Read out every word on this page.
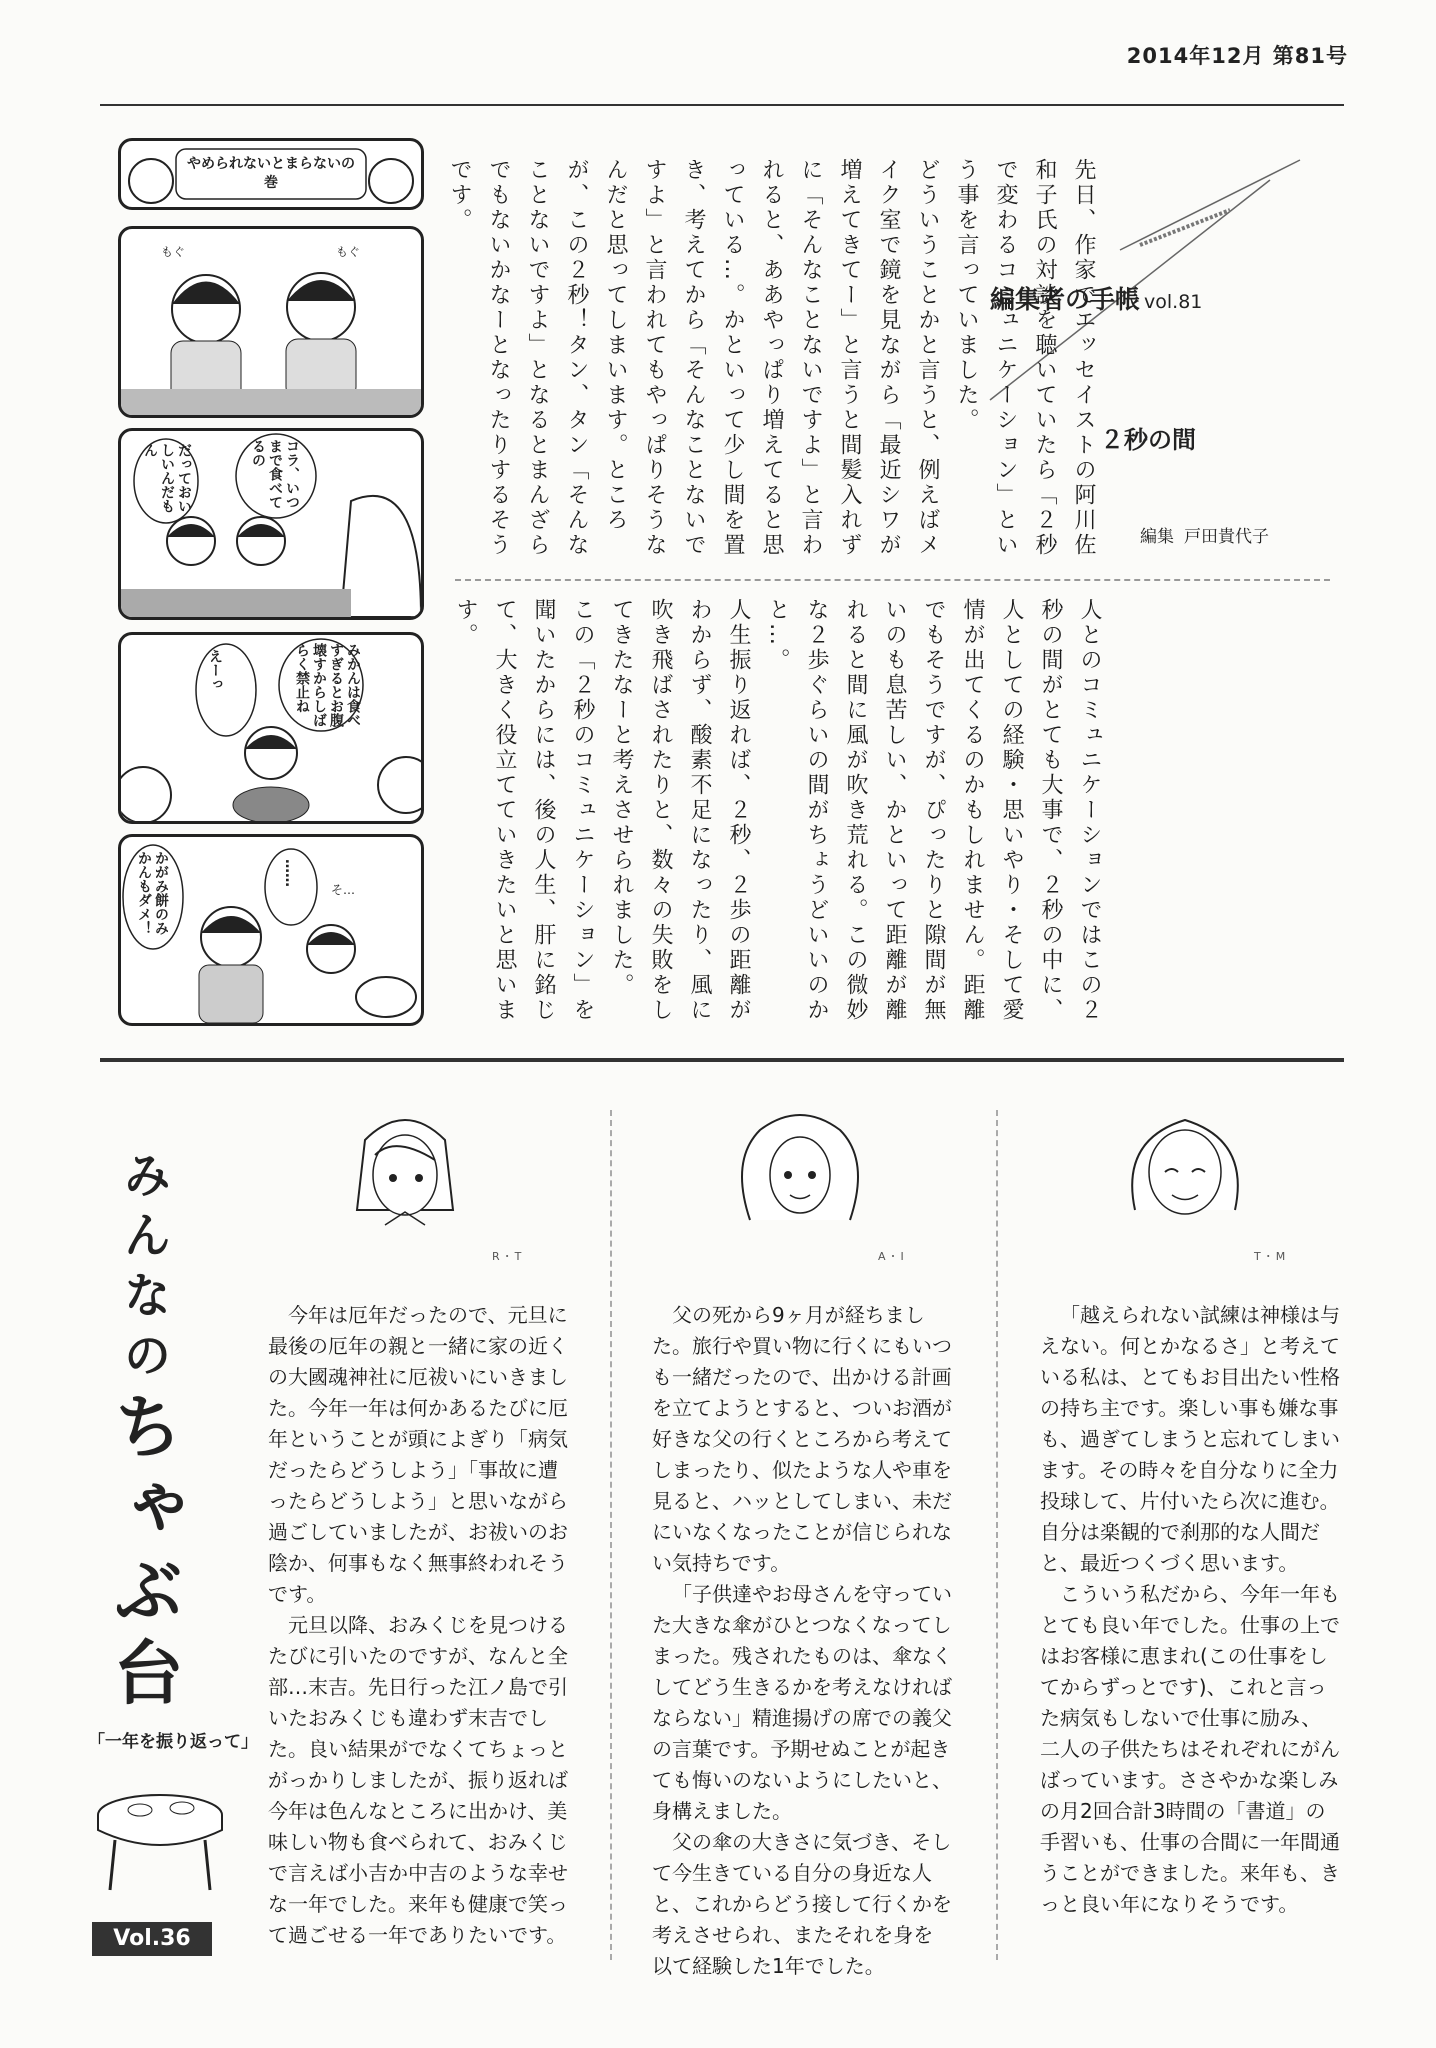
2014年12月 第81号
編集者の手帳 vol.81
２秒の間
編集 戸田貴代子

先日、作家でエッセイストの阿川佐和子氏の対談を聴いていたら「２秒で変わるコミュニケーション」という事を言っていました。

どういうことかと言うと、例えばメイク室で鏡を見ながら「最近シワが増えてきてー」と言うと間髪入れずに「そんなことないですよ」と言われると、ああやっぱり増えてると思っている…。かといって少し間を置き、考えてから「そんなことないですよ」と言われてもやっぱりそうなんだと思ってしまいます。ところが、この２秒！タン、タン「そんなことないですよ」となるとまんざらでもないかなーとなったりするそうです。

人とのコミュニケーションではこの２秒の間がとても大事で、２秒の中に、人としての経験・思いやり・そして愛情が出てくるのかもしれません。距離でもそうですが、ぴったりと隙間が無いのも息苦しい、かといって距離が離れると間に風が吹き荒れる。この微妙な２歩ぐらいの間がちょうどいいのかと…。

人生振り返れば、２秒、２歩の距離がわからず、酸素不足になったり、風に吹き飛ばされたりと、数々の失敗をしてきたなーと考えさせられました。

この「２秒のコミュニケーション」を聞いたからには、後の人生、肝に銘じて、大きく役立てていきたいと思います。

やめられないとまらないの巻
もぐ	もぐ
だっておいしいんだもん	コラ、いつまで食べてるの
えーっ	みかんは食べすぎるとお腹壊すからしばらく禁止ね
かがみ餅のみかんもダメ！	……
そ…
みんなのちゃぶ台
「一年を振り返って」
Vol.36
R・T	A・I	T・M

今年は厄年だったので、元旦に最後の厄年の親と一緒に家の近くの大國魂神社に厄祓いにいきました。今年一年は何かあるたびに厄年ということが頭によぎり「病気だったらどうしよう」「事故に遭ったらどうしよう」と思いながら過ごしていましたが、お祓いのお陰か、何事もなく無事終われそうです。

元旦以降、おみくじを見つけるたびに引いたのですが、なんと全部…末吉。先日行った江ノ島で引いたおみくじも違わず末吉でした。良い結果がでなくてちょっとがっかりしましたが、振り返れば今年は色んなところに出かけ、美味しい物も食べられて、おみくじで言えば小吉か中吉のような幸せな一年でした。来年も健康で笑って過ごせる一年でありたいです。

父の死から9ヶ月が経ちました。旅行や買い物に行くにもいつも一緒だったので、出かける計画を立てようとすると、ついお酒が好きな父の行くところから考えてしまったり、似たような人や車を見ると、ハッとしてしまい、未だにいなくなったことが信じられない気持ちです。

「子供達やお母さんを守っていた大きな傘がひとつなくなってしまった。残されたものは、傘なくしてどう生きるかを考えなければならない」精進揚げの席での義父の言葉です。予期せぬことが起きても悔いのないようにしたいと、身構えました。

父の傘の大きさに気づき、そして今生きている自分の身近な人と、これからどう接して行くかを考えさせられ、またそれを身を以て経験した1年でした。

「越えられない試練は神様は与えない。何とかなるさ」と考えている私は、とてもお目出たい性格の持ち主です。楽しい事も嫌な事も、過ぎてしまうと忘れてしまいます。その時々を自分なりに全力投球して、片付いたら次に進む。自分は楽観的で刹那的な人間だと、最近つくづく思います。

こういう私だから、今年一年もとても良い年でした。仕事の上ではお客様に恵まれ(この仕事をしてからずっとです)、これと言った病気もしないで仕事に励み、二人の子供たちはそれぞれにがんばっています。ささやかな楽しみの月2回合計3時間の「書道」の手習いも、仕事の合間に一年間通うことができました。来年も、きっと良い年になりそうです。
